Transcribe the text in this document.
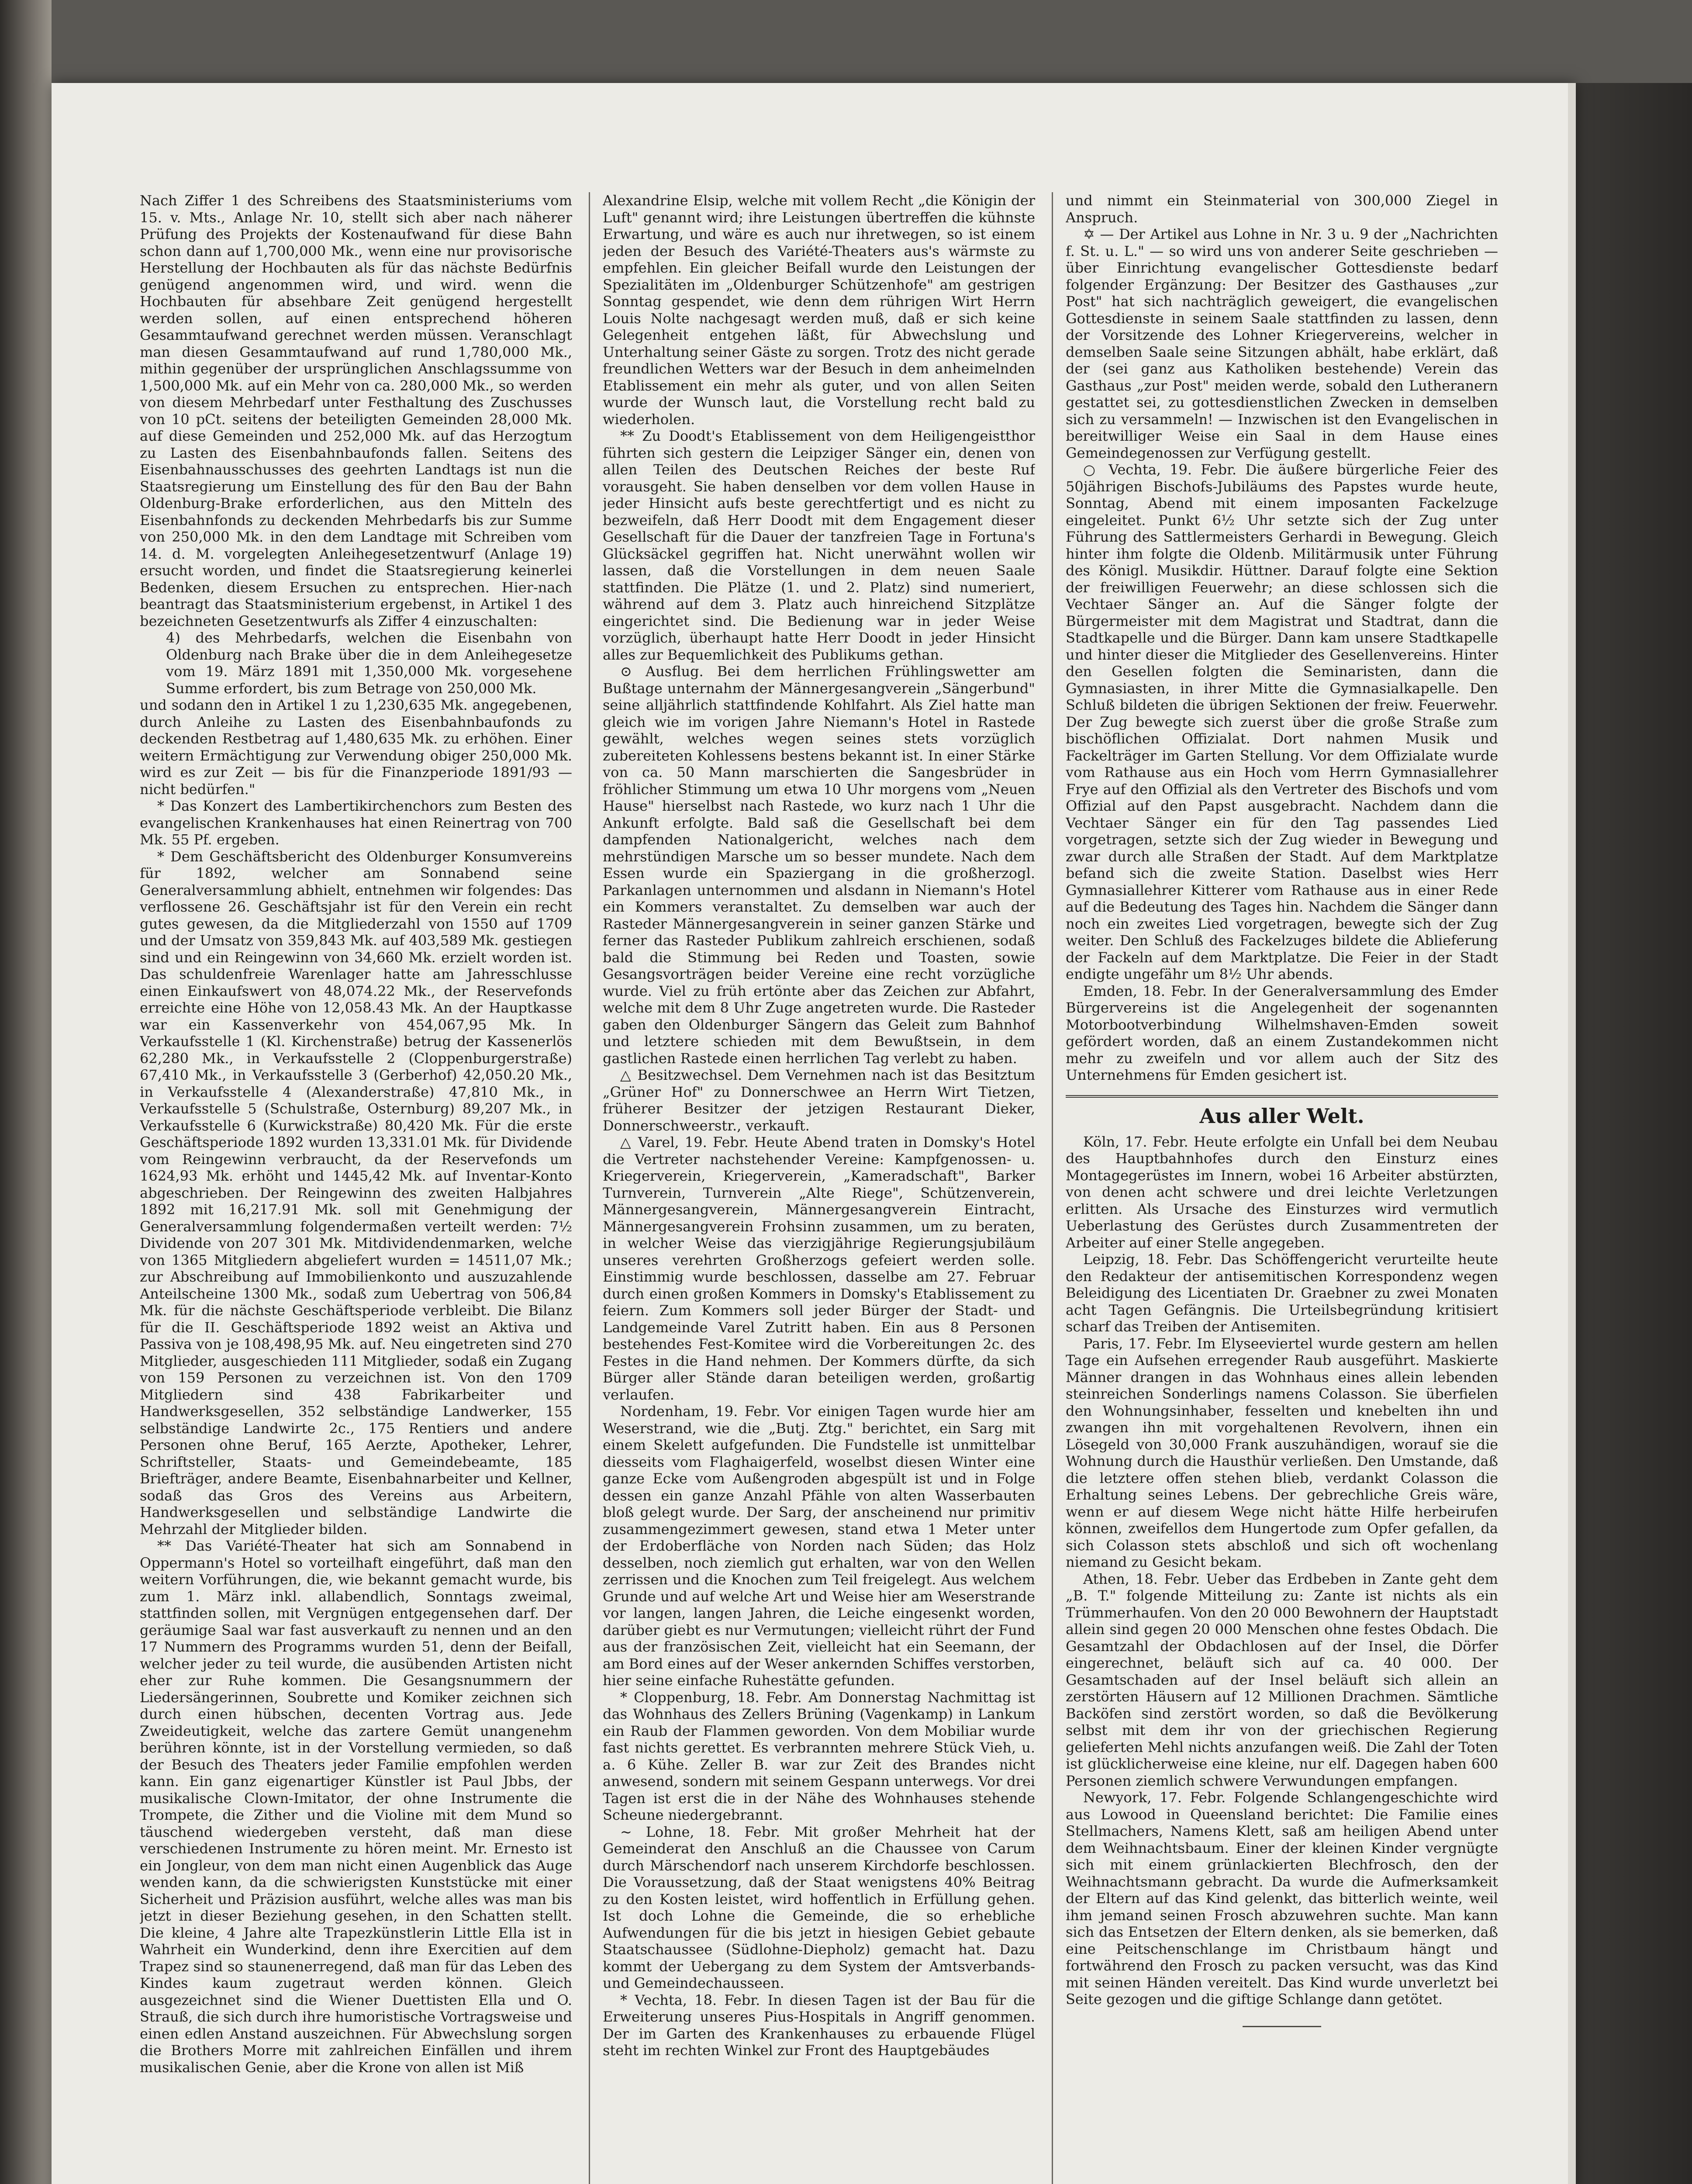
Nach Ziffer 1 des Schreibens des Staatsministeriums vom 15. v. Mts., Anlage Nr. 10, stellt sich aber nach näherer Prüfung des Projekts der Kostenaufwand für diese Bahn schon dann auf 1,700,000 Mk., wenn eine nur provisorische Herstellung der Hochbauten als für das nächste Bedürfnis genügend angenommen wird, und wird. wenn die Hochbauten für absehbare Zeit genügend hergestellt werden sollen, auf einen entsprechend höheren Gesammtaufwand gerechnet werden müssen. Veranschlagt man diesen Gesammtaufwand auf rund 1,780,000 Mk., mithin gegenüber der ursprünglichen Anschlagssumme von 1,500,000 Mk. auf ein Mehr von ca. 280,000 Mk., so werden von diesem Mehrbedarf unter Festhaltung des Zuschusses von 10 pCt. seitens der beteiligten Gemeinden 28,000 Mk. auf diese Gemeinden und 252,000 Mk. auf das Herzogtum zu Lasten des Eisenbahnbaufonds fallen. Seitens des Eisenbahnausschusses des geehrten Landtags ist nun die Staatsregierung um Einstellung des für den Bau der Bahn Oldenburg-Brake erforderlichen, aus den Mitteln des Eisenbahnfonds zu deckenden Mehrbedarfs bis zur Summe von 250,000 Mk. in den dem Landtage mit Schreiben vom 14. d. M. vorgelegten Anleihegesetzentwurf (Anlage 19) ersucht worden, und findet die Staatsregierung keinerlei Bedenken, diesem Ersuchen zu entsprechen. Hier-nach beantragt das Staatsministerium ergebenst, in Artikel 1 des bezeichneten Gesetzentwurfs als Ziffer 4 einzuschalten:

4) des Mehrbedarfs, welchen die Eisenbahn von Oldenburg nach Brake über die in dem Anleihegesetze vom 19. März 1891 mit 1,350,000 Mk. vorgesehene Summe erfordert, bis zum Betrage von 250,000 Mk.

und sodann den in Artikel 1 zu 1,230,635 Mk. angegebenen, durch Anleihe zu Lasten des Eisenbahnbaufonds zu deckenden Restbetrag auf 1,480,635 Mk. zu erhöhen. Einer weitern Ermächtigung zur Verwendung obiger 250,000 Mk. wird es zur Zeit — bis für die Finanzperiode 1891/93 — nicht bedürfen."

* Das Konzert des Lambertikirchenchors zum Besten des evangelischen Krankenhauses hat einen Reinertrag von 700 Mk. 55 Pf. ergeben.

* Dem Geschäftsbericht des Oldenburger Konsumvereins für 1892, welcher am Sonnabend seine Generalversammlung abhielt, entnehmen wir folgendes: Das verflossene 26. Geschäftsjahr ist für den Verein ein recht gutes gewesen, da die Mitgliederzahl von 1550 auf 1709 und der Umsatz von 359,843 Mk. auf 403,589 Mk. gestiegen sind und ein Reingewinn von 34,660 Mk. erzielt worden ist. Das schuldenfreie Warenlager hatte am Jahresschlusse einen Einkaufswert von 48,074.22 Mk., der Reservefonds erreichte eine Höhe von 12,058.43 Mk. An der Hauptkasse war ein Kassenverkehr von 454,067,95 Mk. In Verkaufsstelle 1 (Kl. Kirchenstraße) betrug der Kassenerlös 62,280 Mk., in Verkaufsstelle 2 (Cloppenburgerstraße) 67,410 Mk., in Verkaufsstelle 3 (Gerberhof) 42,050.20 Mk., in Verkaufsstelle 4 (Alexanderstraße) 47,810 Mk., in Verkaufsstelle 5 (Schulstraße, Osternburg) 89,207 Mk., in Verkaufsstelle 6 (Kurwickstraße) 80,420 Mk. Für die erste Geschäftsperiode 1892 wurden 13,331.01 Mk. für Dividende vom Reingewinn verbraucht, da der Reservefonds um 1624,93 Mk. erhöht und 1445,42 Mk. auf Inventar-Konto abgeschrieben. Der Reingewinn des zweiten Halbjahres 1892 mit 16,217.91 Mk. soll mit Genehmigung der Generalversammlung folgendermaßen verteilt werden: 7½ Dividende von 207 301 Mk. Mitdividendenmarken, welche von 1365 Mitgliedern abgeliefert wurden = 14511,07 Mk.; zur Abschreibung auf Immobilienkonto und auszuzahlende Anteilscheine 1300 Mk., sodaß zum Uebertrag von 506,84 Mk. für die nächste Geschäftsperiode verbleibt. Die Bilanz für die II. Geschäftsperiode 1892 weist an Aktiva und Passiva von je 108,498,95 Mk. auf. Neu eingetreten sind 270 Mitglieder, ausgeschieden 111 Mitglieder, sodaß ein Zugang von 159 Personen zu verzeichnen ist. Von den 1709 Mitgliedern sind 438 Fabrikarbeiter und Handwerksgesellen, 352 selbständige Landwerker, 155 selbständige Landwirte 2c., 175 Rentiers und andere Personen ohne Beruf, 165 Aerzte, Apotheker, Lehrer, Schriftsteller, Staats- und Gemeindebeamte, 185 Briefträger, andere Beamte, Eisenbahnarbeiter und Kellner, sodaß das Gros des Vereins aus Arbeitern, Handwerksgesellen und selbständige Landwirte die Mehrzahl der Mitglieder bilden.

** Das Variété-Theater hat sich am Sonnabend in Oppermann's Hotel so vorteilhaft eingeführt, daß man den weitern Vorführungen, die, wie bekannt gemacht wurde, bis zum 1. März inkl. allabendlich, Sonntags zweimal, stattfinden sollen, mit Vergnügen entgegensehen darf. Der geräumige Saal war fast ausverkauft zu nennen und an den 17 Nummern des Programms wurden 51, denn der Beifall, welcher jeder zu teil wurde, die ausübenden Artisten nicht eher zur Ruhe kommen. Die Gesangsnummern der Liedersängerinnen, Soubrette und Komiker zeichnen sich durch einen hübschen, decenten Vortrag aus. Jede Zweideutigkeit, welche das zartere Gemüt unangenehm berühren könnte, ist in der Vorstellung vermieden, so daß der Besuch des Theaters jeder Familie empfohlen werden kann. Ein ganz eigenartiger Künstler ist Paul Jbbs, der musikalische Clown-Imitator, der ohne Instrumente die Trompete, die Zither und die Violine mit dem Mund so täuschend wiedergeben versteht, daß man diese verschiedenen Instrumente zu hören meint. Mr. Ernesto ist ein Jongleur, von dem man nicht einen Augenblick das Auge wenden kann, da die schwierigsten Kunststücke mit einer Sicherheit und Präzision ausführt, welche alles was man bis jetzt in dieser Beziehung gesehen, in den Schatten stellt. Die kleine, 4 Jahre alte Trapezkünstlerin Little Ella ist in Wahrheit ein Wunderkind, denn ihre Exercitien auf dem Trapez sind so staunenerregend, daß man für das Leben des Kindes kaum zugetraut werden können. Gleich ausgezeichnet sind die Wiener Duettisten Ella und O. Strauß, die sich durch ihre humoristische Vortragsweise und einen edlen Anstand auszeichnen. Für Abwechslung sorgen die Brothers Morre mit zahlreichen Einfällen und ihrem musikalischen Genie, aber die Krone von allen ist Miß

Alexandrine Elsip, welche mit vollem Recht „die Königin der Luft" genannt wird; ihre Leistungen übertreffen die kühnste Erwartung, und wäre es auch nur ihretwegen, so ist einem jeden der Besuch des Variété-Theaters aus's wärmste zu empfehlen. Ein gleicher Beifall wurde den Leistungen der Spezialitäten im „Oldenburger Schützenhofe" am gestrigen Sonntag gespendet, wie denn dem rührigen Wirt Herrn Louis Nolte nachgesagt werden muß, daß er sich keine Gelegenheit entgehen läßt, für Abwechslung und Unterhaltung seiner Gäste zu sorgen. Trotz des nicht gerade freundlichen Wetters war der Besuch in dem anheimelnden Etablissement ein mehr als guter, und von allen Seiten wurde der Wunsch laut, die Vorstellung recht bald zu wiederholen.

** Zu Doodt's Etablissement von dem Heiligengeistthor führten sich gestern die Leipziger Sänger ein, denen von allen Teilen des Deutschen Reiches der beste Ruf vorausgeht. Sie haben denselben vor dem vollen Hause in jeder Hinsicht aufs beste gerechtfertigt und es nicht zu bezweifeln, daß Herr Doodt mit dem Engagement dieser Gesellschaft für die Dauer der tanzfreien Tage in Fortuna's Glücksäckel gegriffen hat. Nicht unerwähnt wollen wir lassen, daß die Vorstellungen in dem neuen Saale stattfinden. Die Plätze (1. und 2. Platz) sind numeriert, während auf dem 3. Platz auch hinreichend Sitzplätze eingerichtet sind. Die Bedienung war in jeder Weise vorzüglich, überhaupt hatte Herr Doodt in jeder Hinsicht alles zur Bequemlichkeit des Publikums gethan.

⊙ Ausflug. Bei dem herrlichen Frühlingswetter am Bußtage unternahm der Männergesangverein „Sängerbund" seine alljährlich stattfindende Kohlfahrt. Als Ziel hatte man gleich wie im vorigen Jahre Niemann's Hotel in Rastede gewählt, welches wegen seines stets vorzüglich zubereiteten Kohlessens bestens bekannt ist. In einer Stärke von ca. 50 Mann marschierten die Sangesbrüder in fröhlicher Stimmung um etwa 10 Uhr morgens vom „Neuen Hause" hierselbst nach Rastede, wo kurz nach 1 Uhr die Ankunft erfolgte. Bald saß die Gesellschaft bei dem dampfenden Nationalgericht, welches nach dem mehrstündigen Marsche um so besser mundete. Nach dem Essen wurde ein Spaziergang in die großherzogl. Parkanlagen unternommen und alsdann in Niemann's Hotel ein Kommers veranstaltet. Zu demselben war auch der Rasteder Männergesangverein in seiner ganzen Stärke und ferner das Rasteder Publikum zahlreich erschienen, sodaß bald die Stimmung bei Reden und Toasten, sowie Gesangsvorträgen beider Vereine eine recht vorzügliche wurde. Viel zu früh ertönte aber das Zeichen zur Abfahrt, welche mit dem 8 Uhr Zuge angetreten wurde. Die Rasteder gaben den Oldenburger Sängern das Geleit zum Bahnhof und letztere schieden mit dem Bewußtsein, in dem gastlichen Rastede einen herrlichen Tag verlebt zu haben.

△ Besitzwechsel. Dem Vernehmen nach ist das Besitztum „Grüner Hof" zu Donnerschwee an Herrn Wirt Tietzen, früherer Besitzer der jetzigen Restaurant Dieker, Donnerschweerstr., verkauft.

△ Varel, 19. Febr. Heute Abend traten in Domsky's Hotel die Vertreter nachstehender Vereine: Kampfgenossen- u. Kriegerverein, Kriegerverein, „Kameradschaft", Barker Turnverein, Turnverein „Alte Riege", Schützenverein, Männergesangverein, Männergesangverein Eintracht, Männergesangverein Frohsinn zusammen, um zu beraten, in welcher Weise das vierzigjährige Regierungsjubiläum unseres verehrten Großherzogs gefeiert werden solle. Einstimmig wurde beschlossen, dasselbe am 27. Februar durch einen großen Kommers in Domsky's Etablissement zu feiern. Zum Kommers soll jeder Bürger der Stadt- und Landgemeinde Varel Zutritt haben. Ein aus 8 Personen bestehendes Fest-Komitee wird die Vorbereitungen 2c. des Festes in die Hand nehmen. Der Kommers dürfte, da sich Bürger aller Stände daran beteiligen werden, großartig verlaufen.

Nordenham, 19. Febr. Vor einigen Tagen wurde hier am Weserstrand, wie die „Butj. Ztg." berichtet, ein Sarg mit einem Skelett aufgefunden. Die Fundstelle ist unmittelbar diesseits vom Flaghaigerfeld, woselbst diesen Winter eine ganze Ecke vom Außengroden abgespült ist und in Folge dessen ein ganze Anzahl Pfähle von alten Wasserbauten bloß gelegt wurde. Der Sarg, der anscheinend nur primitiv zusammengezimmert gewesen, stand etwa 1 Meter unter der Erdoberfläche von Norden nach Süden; das Holz desselben, noch ziemlich gut erhalten, war von den Wellen zerrissen und die Knochen zum Teil freigelegt. Aus welchem Grunde und auf welche Art und Weise hier am Weserstrande vor langen, langen Jahren, die Leiche eingesenkt worden, darüber giebt es nur Vermutungen; vielleicht rührt der Fund aus der französischen Zeit, vielleicht hat ein Seemann, der am Bord eines auf der Weser ankernden Schiffes verstorben, hier seine einfache Ruhestätte gefunden.

* Cloppenburg, 18. Febr. Am Donnerstag Nachmittag ist das Wohnhaus des Zellers Brüning (Vagenkamp) in Lankum ein Raub der Flammen geworden. Von dem Mobiliar wurde fast nichts gerettet. Es verbrannten mehrere Stück Vieh, u. a. 6 Kühe. Zeller B. war zur Zeit des Brandes nicht anwesend, sondern mit seinem Gespann unterwegs. Vor drei Tagen ist erst die in der Nähe des Wohnhauses stehende Scheune niedergebrannt.

~ Lohne, 18. Febr. Mit großer Mehrheit hat der Gemeinderat den Anschluß an die Chaussee von Carum durch Märschendorf nach unserem Kirchdorfe beschlossen. Die Voraussetzung, daß der Staat wenigstens 40% Beitrag zu den Kosten leistet, wird hoffentlich in Erfüllung gehen. Ist doch Lohne die Gemeinde, die so erhebliche Aufwendungen für die bis jetzt in hiesigen Gebiet gebaute Staatschaussee (Südlohne-Diepholz) gemacht hat. Dazu kommt der Uebergang zu dem System der Amtsverbands- und Gemeindechausseen.

* Vechta, 18. Febr. In diesen Tagen ist der Bau für die Erweiterung unseres Pius-Hospitals in Angriff genommen. Der im Garten des Krankenhauses zu erbauende Flügel steht im rechten Winkel zur Front des Hauptgebäudes

und nimmt ein Steinmaterial von 300,000 Ziegel in Anspruch.

✡ — Der Artikel aus Lohne in Nr. 3 u. 9 der „Nachrichten f. St. u. L." — so wird uns von anderer Seite geschrieben — über Einrichtung evangelischer Gottesdienste bedarf folgender Ergänzung: Der Besitzer des Gasthauses „zur Post" hat sich nachträglich geweigert, die evangelischen Gottesdienste in seinem Saale stattfinden zu lassen, denn der Vorsitzende des Lohner Kriegervereins, welcher in demselben Saale seine Sitzungen abhält, habe erklärt, daß der (sei ganz aus Katholiken bestehende) Verein das Gasthaus „zur Post" meiden werde, sobald den Lutheranern gestattet sei, zu gottesdienstlichen Zwecken in demselben sich zu versammeln! — Inzwischen ist den Evangelischen in bereitwilliger Weise ein Saal in dem Hause eines Gemeindegenossen zur Verfügung gestellt.

○ Vechta, 19. Febr. Die äußere bürgerliche Feier des 50jährigen Bischofs-Jubiläums des Papstes wurde heute, Sonntag, Abend mit einem imposanten Fackelzuge eingeleitet. Punkt 6½ Uhr setzte sich der Zug unter Führung des Sattlermeisters Gerhardi in Bewegung. Gleich hinter ihm folgte die Oldenb. Militärmusik unter Führung des Königl. Musikdir. Hüttner. Darauf folgte eine Sektion der freiwilligen Feuerwehr; an diese schlossen sich die Vechtaer Sänger an. Auf die Sänger folgte der Bürgermeister mit dem Magistrat und Stadtrat, dann die Stadtkapelle und die Bürger. Dann kam unsere Stadtkapelle und hinter dieser die Mitglieder des Gesellenvereins. Hinter den Gesellen folgten die Seminaristen, dann die Gymnasiasten, in ihrer Mitte die Gymnasialkapelle. Den Schluß bildeten die übrigen Sektionen der freiw. Feuerwehr. Der Zug bewegte sich zuerst über die große Straße zum bischöflichen Offizialat. Dort nahmen Musik und Fackelträger im Garten Stellung. Vor dem Offizialate wurde vom Rathause aus ein Hoch vom Herrn Gymnasiallehrer Frye auf den Offizial als den Vertreter des Bischofs und vom Offizial auf den Papst ausgebracht. Nachdem dann die Vechtaer Sänger ein für den Tag passendes Lied vorgetragen, setzte sich der Zug wieder in Bewegung und zwar durch alle Straßen der Stadt. Auf dem Marktplatze befand sich die zweite Station. Daselbst wies Herr Gymnasiallehrer Kitterer vom Rathause aus in einer Rede auf die Bedeutung des Tages hin. Nachdem die Sänger dann noch ein zweites Lied vorgetragen, bewegte sich der Zug weiter. Den Schluß des Fackelzuges bildete die Ablieferung der Fackeln auf dem Marktplatze. Die Feier in der Stadt endigte ungefähr um 8½ Uhr abends.

Emden, 18. Febr. In der Generalversammlung des Emder Bürgervereins ist die Angelegenheit der sogenannten Motorbootverbindung Wilhelmshaven-Emden soweit gefördert worden, daß an einem Zustandekommen nicht mehr zu zweifeln und vor allem auch der Sitz des Unternehmens für Emden gesichert ist.

Aus aller Welt.

Köln, 17. Febr. Heute erfolgte ein Unfall bei dem Neubau des Hauptbahnhofes durch den Einsturz eines Montagegerüstes im Innern, wobei 16 Arbeiter abstürzten, von denen acht schwere und drei leichte Verletzungen erlitten. Als Ursache des Einsturzes wird vermutlich Ueberlastung des Gerüstes durch Zusammentreten der Arbeiter auf einer Stelle angegeben.

Leipzig, 18. Febr. Das Schöffengericht verurteilte heute den Redakteur der antisemitischen Korrespondenz wegen Beleidigung des Licentiaten Dr. Graebner zu zwei Monaten acht Tagen Gefängnis. Die Urteilsbegründung kritisiert scharf das Treiben der Antisemiten.

Paris, 17. Febr. Im Elyseeviertel wurde gestern am hellen Tage ein Aufsehen erregender Raub ausgeführt. Maskierte Männer drangen in das Wohnhaus eines allein lebenden steinreichen Sonderlings namens Colasson. Sie überfielen den Wohnungsinhaber, fesselten und knebelten ihn und zwangen ihn mit vorgehaltenen Revolvern, ihnen ein Lösegeld von 30,000 Frank auszuhändigen, worauf sie die Wohnung durch die Hausthür verließen. Den Umstande, daß die letztere offen stehen blieb, verdankt Colasson die Erhaltung seines Lebens. Der gebrechliche Greis wäre, wenn er auf diesem Wege nicht hätte Hilfe herbeirufen können, zweifellos dem Hungertode zum Opfer gefallen, da sich Colasson stets abschloß und sich oft wochenlang niemand zu Gesicht bekam.

Athen, 18. Febr. Ueber das Erdbeben in Zante geht dem „B. T." folgende Mitteilung zu: Zante ist nichts als ein Trümmerhaufen. Von den 20 000 Bewohnern der Hauptstadt allein sind gegen 20 000 Menschen ohne festes Obdach. Die Gesamtzahl der Obdachlosen auf der Insel, die Dörfer eingerechnet, beläuft sich auf ca. 40 000. Der Gesamtschaden auf der Insel beläuft sich allein an zerstörten Häusern auf 12 Millionen Drachmen. Sämtliche Backöfen sind zerstört worden, so daß die Bevölkerung selbst mit dem ihr von der griechischen Regierung gelieferten Mehl nichts anzufangen weiß. Die Zahl der Toten ist glücklicherweise eine kleine, nur elf. Dagegen haben 600 Personen ziemlich schwere Verwundungen empfangen.

Newyork, 17. Febr. Folgende Schlangengeschichte wird aus Lowood in Queensland berichtet: Die Familie eines Stellmachers, Namens Klett, saß am heiligen Abend unter dem Weihnachtsbaum. Einer der kleinen Kinder vergnügte sich mit einem grünlackierten Blechfrosch, den der Weihnachtsmann gebracht. Da wurde die Aufmerksamkeit der Eltern auf das Kind gelenkt, das bitterlich weinte, weil ihm jemand seinen Frosch abzuwehren suchte. Man kann sich das Entsetzen der Eltern denken, als sie bemerken, daß eine Peitschenschlange im Christbaum hängt und fortwährend den Frosch zu packen versucht, was das Kind mit seinen Händen vereitelt. Das Kind wurde unverletzt bei Seite gezogen und die giftige Schlange dann getötet.
